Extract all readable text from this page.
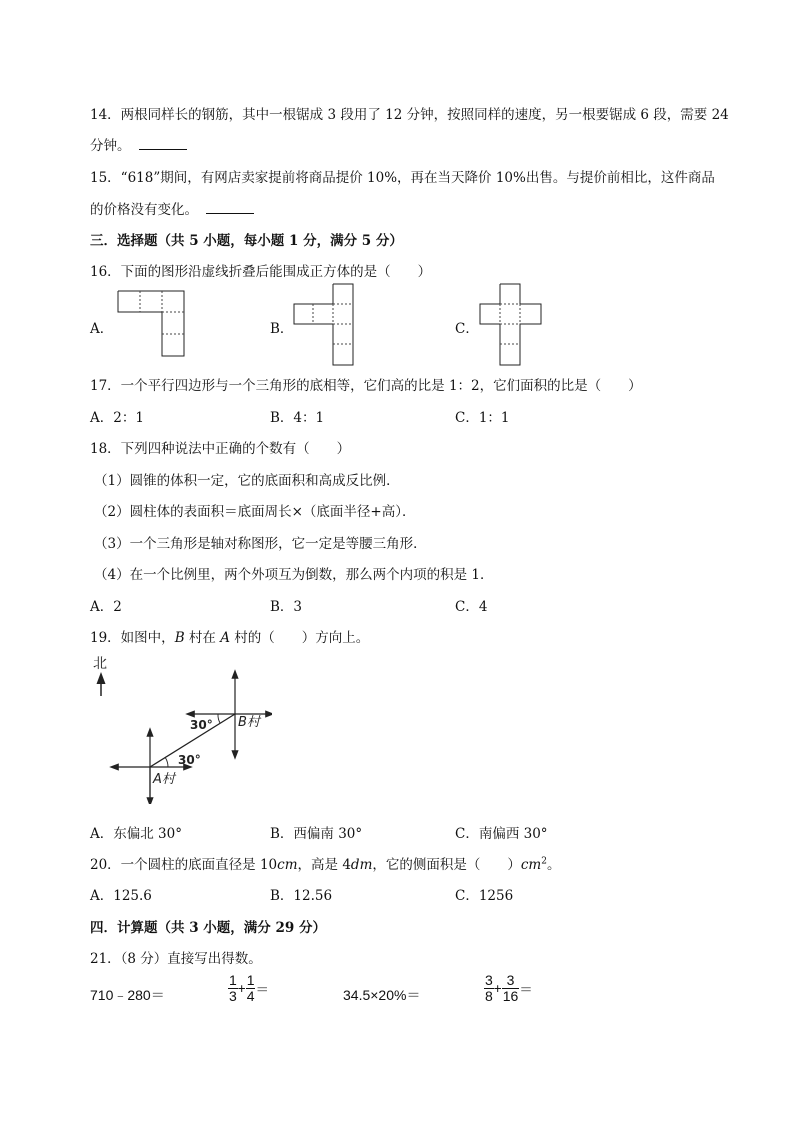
14．两根同样长的钢筋，其中一根锯成 3 段用了 12 分钟，按照同样的速度，另一根要锯成 6 段，需要 24
分钟。
15．“618”期间，有网店卖家提前将商品提价 10%，再在当天降价 10%出售。与提价前相比，这件商品
的价格没有变化。
三．选择题（共 5 小题，每小题 1 分，满分 5 分）
16．下面的图形沿虚线折叠后能围成正方体的是（　　）
A．	B．	C．
17．一个平行四边形与一个三角形的底相等，它们高的比是 1：2，它们面积的比是（　　）
A．2：1	B．4：1	C．1：1
18．下列四种说法中正确的个数有（　　）
（1）圆锥的体积一定，它的底面积和高成反比例．
（2）圆柱体的表面积＝底面周长×（底面半径+高）．
（3）一个三角形是轴对称图形，它一定是等腰三角形．
（4）在一个比例里，两个外项互为倒数，那么两个内项的积是 1．
A．2	B．3	C．4
19．如图中，B 村在 A 村的（　　）方向上。
北
30°
30°
B村
A村
A．东偏北 30°	B．西偏南 30°	C．南偏西 30°
20．一个圆柱的底面直径是 10cm，高是 4dm，它的侧面积是（　　）$cm^2$。
A．125.6	B．12.56	C．1256
四．计算题（共 3 小题，满分 29 分）
21．（8 分）直接写出得数。
710﹣280＝	$\frac{1}{3} + \frac{1}{4}$ ＝	34.5×20%＝	$\frac{3}{8} + \frac{3}{16}$ ＝
